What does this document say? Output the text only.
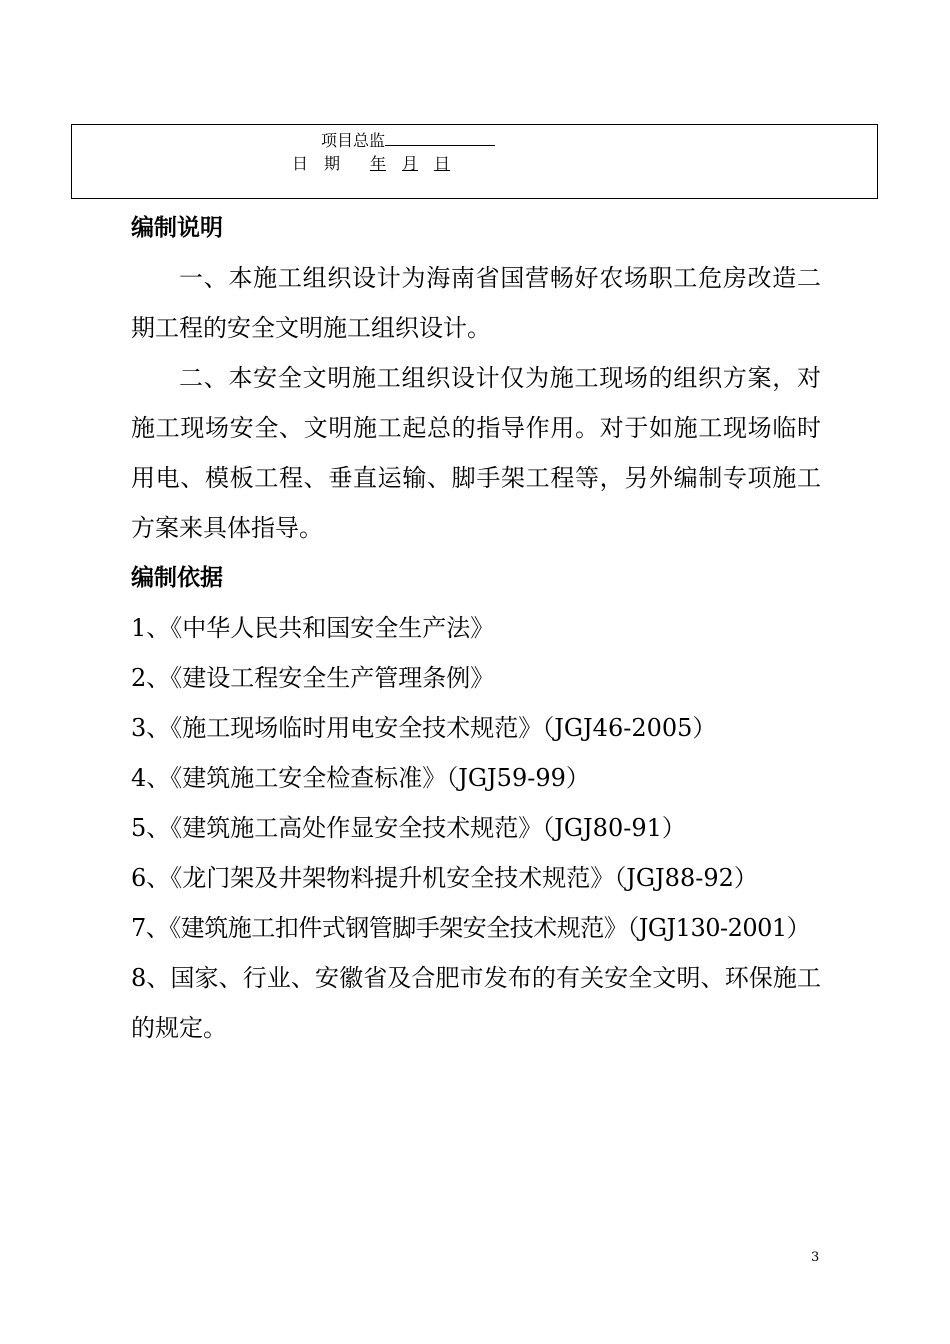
项目总监
日　期 年 月 日
编制说明

一、本施工组织设计为海南省国营畅好农场职工危房改造二期工程的安全文明施工组织设计。

二、本安全文明施工组织设计仅为施工现场的组织方案，对施工现场安全、文明施工起总的指导作用。对于如施工现场临时用电、模板工程、垂直运输、脚手架工程等，另外编制专项施工方案来具体指导。

编制依据

1、《中华人民共和国安全生产法》

2、《建设工程安全生产管理条例》

3、《施工现场临时用电安全技术规范》（JGJ46-2005）

4、《建筑施工安全检查标准》（JGJ59-99）

5、《建筑施工高处作显安全技术规范》（JGJ80-91）

6、《龙门架及井架物料提升机安全技术规范》（JGJ88-92）

7、《建筑施工扣件式钢管脚手架安全技术规范》（JGJ130-2001）

8、国家、行业、安徽省及合肥市发布的有关安全文明、环保施工的规定。

3
